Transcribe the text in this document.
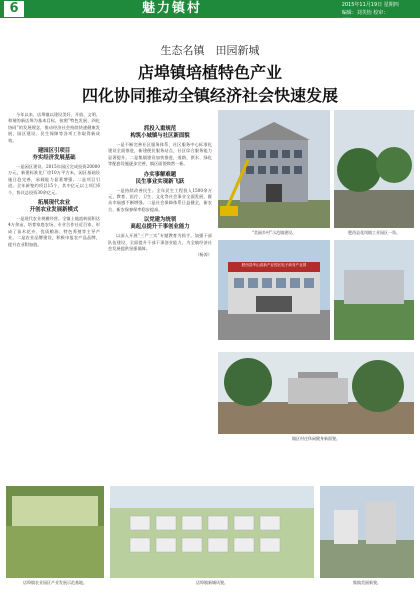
6	魅力镇村	2015年11月19日 星期四
编辑：刘芙怡 校审：
邮箱：ziaxing0121@126.com
生态名镇　田园新城
店埠镇培植特色产业
四化协同推动全镇经济社会快速发展

今年以来，店埠镇以建设美好、开放、文明、和谐的新店埠为基本目标，按照“特色发展、四化协同”的发展理念，推动经济社会持续快速健康发展，园区建设、民生保障等各项工作取得新成效。

建园区引项目
夯实经济发展基础

一是园区建设。2015年园区完成投资20000万元，新建标准化厂房10万平方米，园区基础设施日趋完善，承载能力显著增强。二是项目引进。全年新签约项目15个，其中亿元以上项目6个，协议总投资30余亿元。

拓展现代农业
开创农业发展新模式

一是现代农业规模经营。全镇土地流转面积达4万余亩，培育家庭农场、专业合作社近百家，形成了苗木花卉、优质粮油、特色养殖等主导产业。二是农业品牌建设，积极申报农产品品牌，提升农业附加值。

抓投入重规范
构筑小城镇与社区新面貌

一是不断完善社区服务体系，社区服务中心标准化建设全面推进，新建便民服务站点，社区综合服务能力显著提升。二是集镇建设加快推进，道路、供水、绿化等配套设施逐步完善，镇区面貌焕然一新。

办实事解难题
民生事业实现新飞跃

一是持续改善民生。全年民生工程投入1500余万元，教育、医疗、卫生、文化等社会事业全面发展，群众幸福感不断增强。二是社会保障体系日益健全，新农合、新农保参保率稳步提高。

以党建为统领
高起点提升干事创业能力

以深入开展“三严三实”专题教育为抓手，加强干部队伍建设，全面提升干部干事创业能力，为全镇经济社会发展提供坚强保障。

（杨涛）

“美丽乡村”示范镇建设。
肥西县华山高新产业园区电子商务产业园
镇区村庄休闲健身新面貌。
肥西县花岗镇工业园区一角。
店埠镇农业园区产业发展示范基地。	店埠镇新城风貌。	集镇美丽新貌。
